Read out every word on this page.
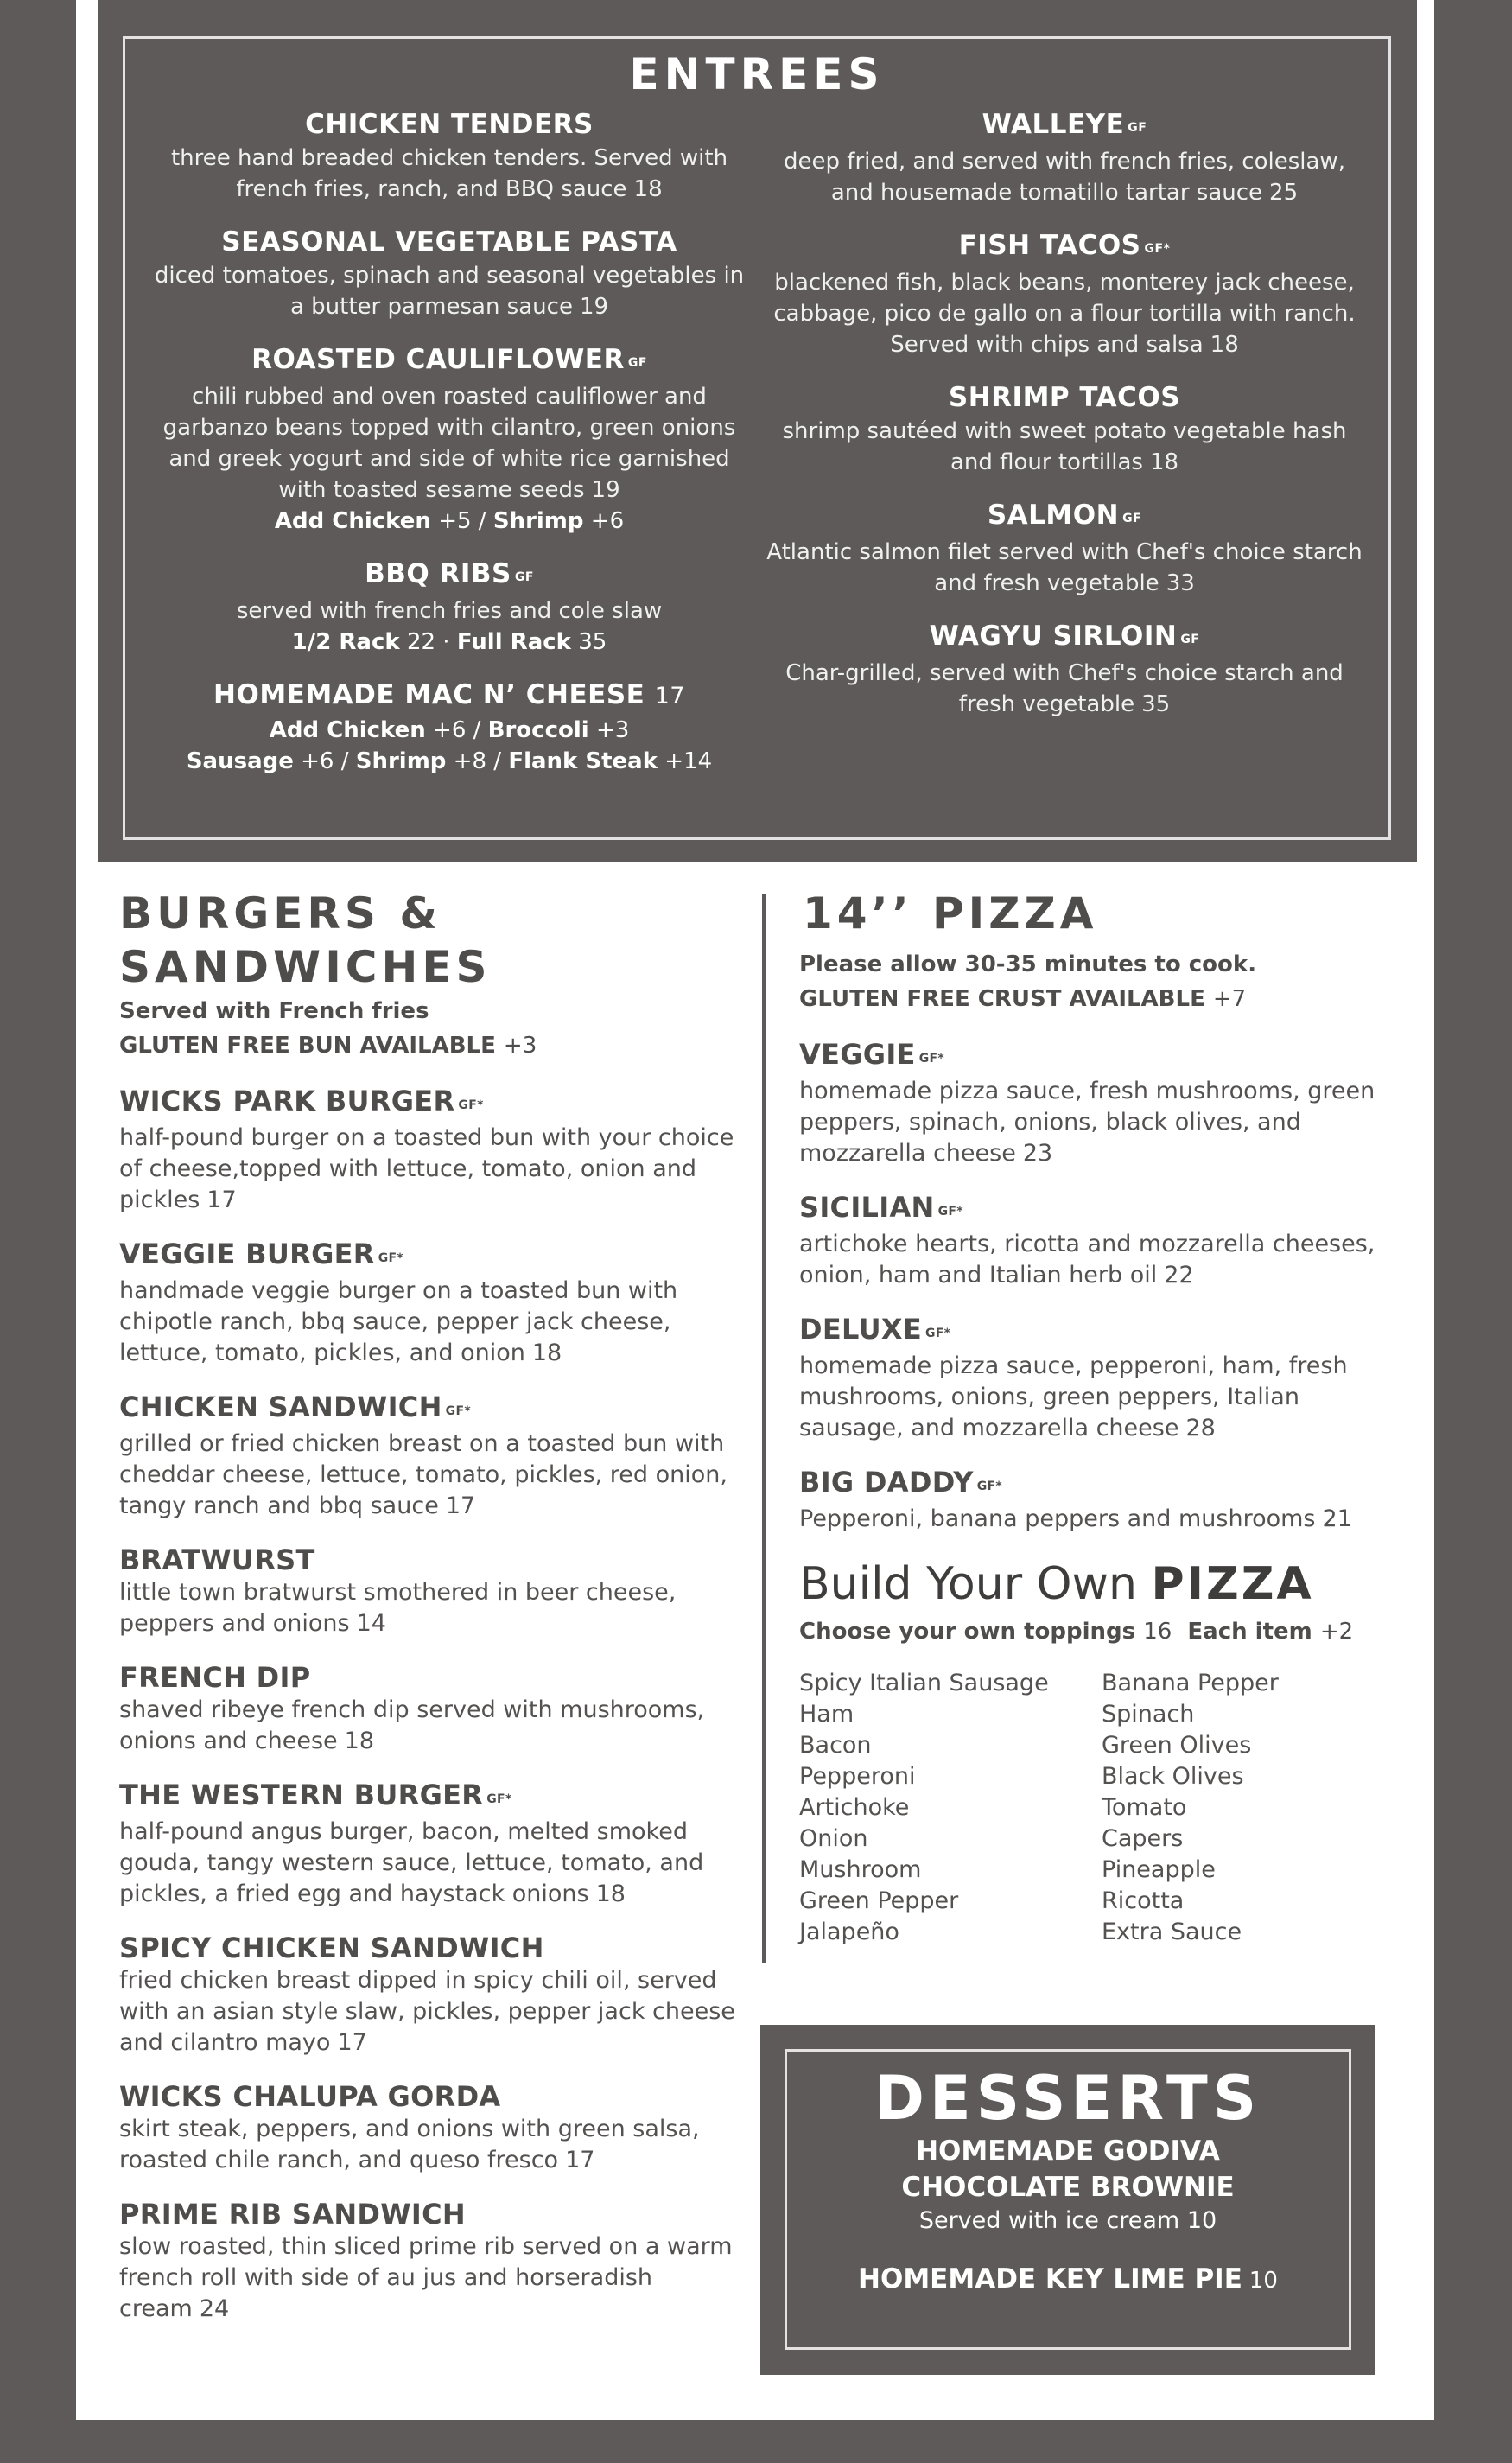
ENTREES
CHICKEN TENDERS
three hand breaded chicken tenders. Served with french fries, ranch, and BBQ sauce 18
SEASONAL VEGETABLE PASTA
diced tomatoes, spinach and seasonal vegetables in a butter parmesan sauce 19
ROASTED CAULIFLOWER GF
chili rubbed and oven roasted cauliflower and garbanzo beans topped with cilantro, green onions and greek yogurt and side of white rice garnished with toasted sesame seeds 19
Add Chicken +5 / Shrimp +6
BBQ RIBS GF
served with french fries and cole slaw
1/2 Rack 22 · Full Rack 35
HOMEMADE MAC N’ CHEESE 17
Add Chicken +6 / Broccoli +3
Sausage +6 / Shrimp +8 / Flank Steak +14
WALLEYE GF
deep fried, and served with french fries, coleslaw, and housemade tomatillo tartar sauce 25
FISH TACOS GF*
blackened fish, black beans, monterey jack cheese, cabbage, pico de gallo on a flour tortilla with ranch. Served with chips and salsa 18
SHRIMP TACOS
shrimp sautéed with sweet potato vegetable hash and flour tortillas 18
SALMON GF
Atlantic salmon filet served with Chef's choice starch and fresh vegetable 33
WAGYU SIRLOIN GF
Char-grilled, served with Chef's choice starch and fresh vegetable 35
BURGERS &
SANDWICHES
Served with French fries
GLUTEN FREE BUN AVAILABLE +3
WICKS PARK BURGER GF*
half-pound burger on a toasted bun with your choice of cheese,topped with lettuce, tomato, onion and pickles 17
VEGGIE BURGER GF*
handmade veggie burger on a toasted bun with chipotle ranch, bbq sauce, pepper jack cheese, lettuce, tomato, pickles, and onion 18
CHICKEN SANDWICH GF*
grilled or fried chicken breast on a toasted bun with cheddar cheese, lettuce, tomato, pickles, red onion, tangy ranch and bbq sauce 17
BRATWURST
little town bratwurst smothered in beer cheese, peppers and onions 14
FRENCH DIP
shaved ribeye french dip served with mushrooms, onions and cheese 18
THE WESTERN BURGER GF*
half-pound angus burger, bacon, melted smoked gouda, tangy western sauce, lettuce, tomato, and pickles, a fried egg and haystack onions 18
SPICY CHICKEN SANDWICH
fried chicken breast dipped in spicy chili oil, served with an asian style slaw, pickles, pepper jack cheese and cilantro mayo 17
WICKS CHALUPA GORDA
skirt steak, peppers, and onions with green salsa, roasted chile ranch, and queso fresco 17
PRIME RIB SANDWICH
slow roasted, thin sliced prime rib served on a warm french roll with side of au jus and horseradish cream 24
14’’ PIZZA
Please allow 30-35 minutes to cook.
GLUTEN FREE CRUST AVAILABLE +7
VEGGIE GF*
homemade pizza sauce, fresh mushrooms, green peppers, spinach, onions, black olives, and mozzarella cheese 23
SICILIAN GF*
artichoke hearts, ricotta and mozzarella cheeses, onion, ham and Italian herb oil 22
DELUXE GF*
homemade pizza sauce, pepperoni, ham, fresh mushrooms, onions, green peppers, Italian sausage, and mozzarella cheese 28
BIG DADDY GF*
Pepperoni, banana peppers and mushrooms 21
Build Your Own PIZZA
Choose your own toppings 16 Each item +2
Spicy Italian Sausage
Ham
Bacon
Pepperoni
Artichoke
Onion
Mushroom
Green Pepper
Jalapeño
Banana Pepper
Spinach
Green Olives
Black Olives
Tomato
Capers
Pineapple
Ricotta
Extra Sauce
DESSERTS
HOMEMADE GODIVA
CHOCOLATE BROWNIE
Served with ice cream 10
HOMEMADE KEY LIME PIE 10
